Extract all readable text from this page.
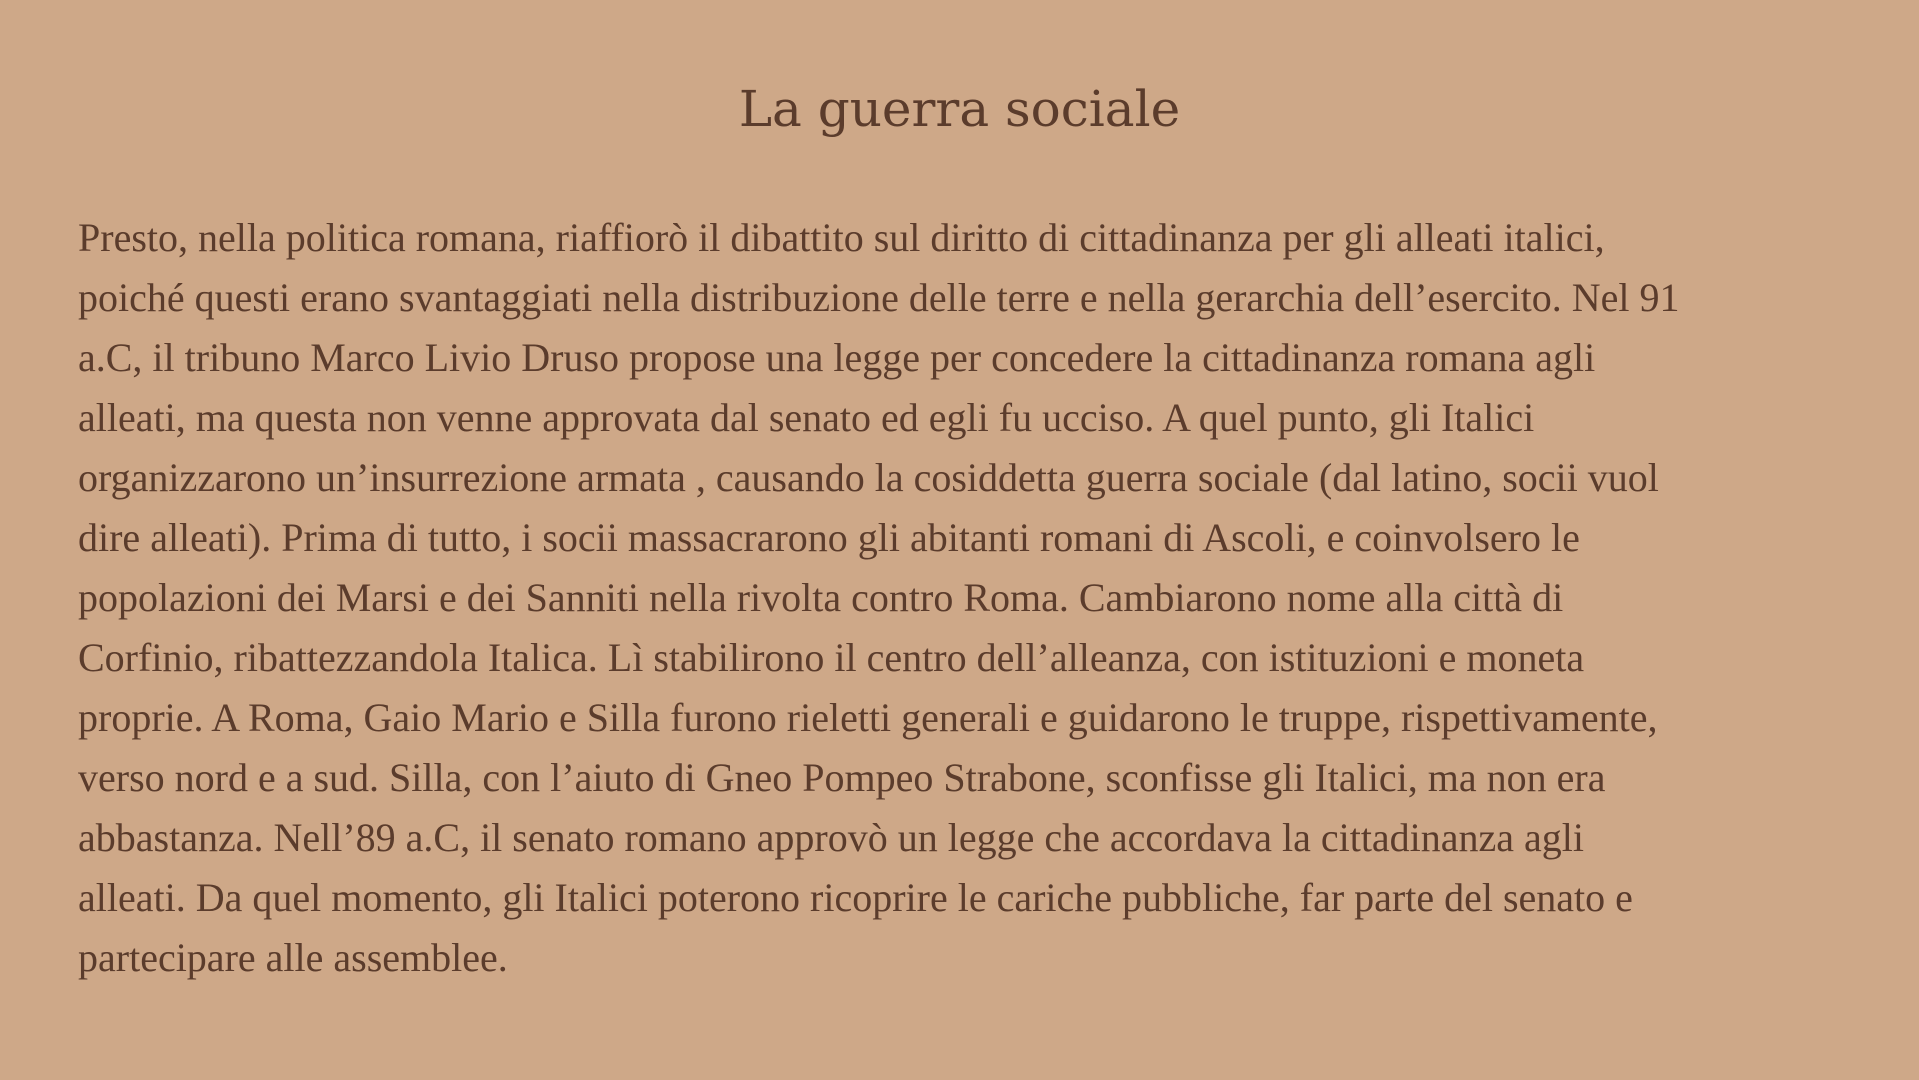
La guerra sociale

Presto, nella politica romana, riaffiorò il dibattito sul diritto di cittadinanza per gli alleati italici,
poiché questi erano svantaggiati nella distribuzione delle terre e nella gerarchia dell’esercito. Nel 91
a.C, il tribuno Marco Livio Druso propose una legge per concedere la cittadinanza romana agli
alleati, ma questa non venne approvata dal senato ed egli fu ucciso. A quel punto, gli Italici
organizzarono un’insurrezione armata , causando la cosiddetta guerra sociale (dal latino, socii vuol
dire alleati). Prima di tutto, i socii massacrarono gli abitanti romani di Ascoli, e coinvolsero le
popolazioni dei Marsi e dei Sanniti nella rivolta contro Roma. Cambiarono nome alla città di
Corfinio, ribattezzandola Italica. Lì stabilirono il centro dell’alleanza, con istituzioni e moneta
proprie. A Roma, Gaio Mario e Silla furono rieletti generali e guidarono le truppe, rispettivamente,
verso nord e a sud. Silla, con l’aiuto di Gneo Pompeo Strabone, sconfisse gli Italici, ma non era
abbastanza. Nell’89 a.C, il senato romano approvò un legge che accordava la cittadinanza agli
alleati. Da quel momento, gli Italici poterono ricoprire le cariche pubbliche, far parte del senato e
partecipare alle assemblee.
